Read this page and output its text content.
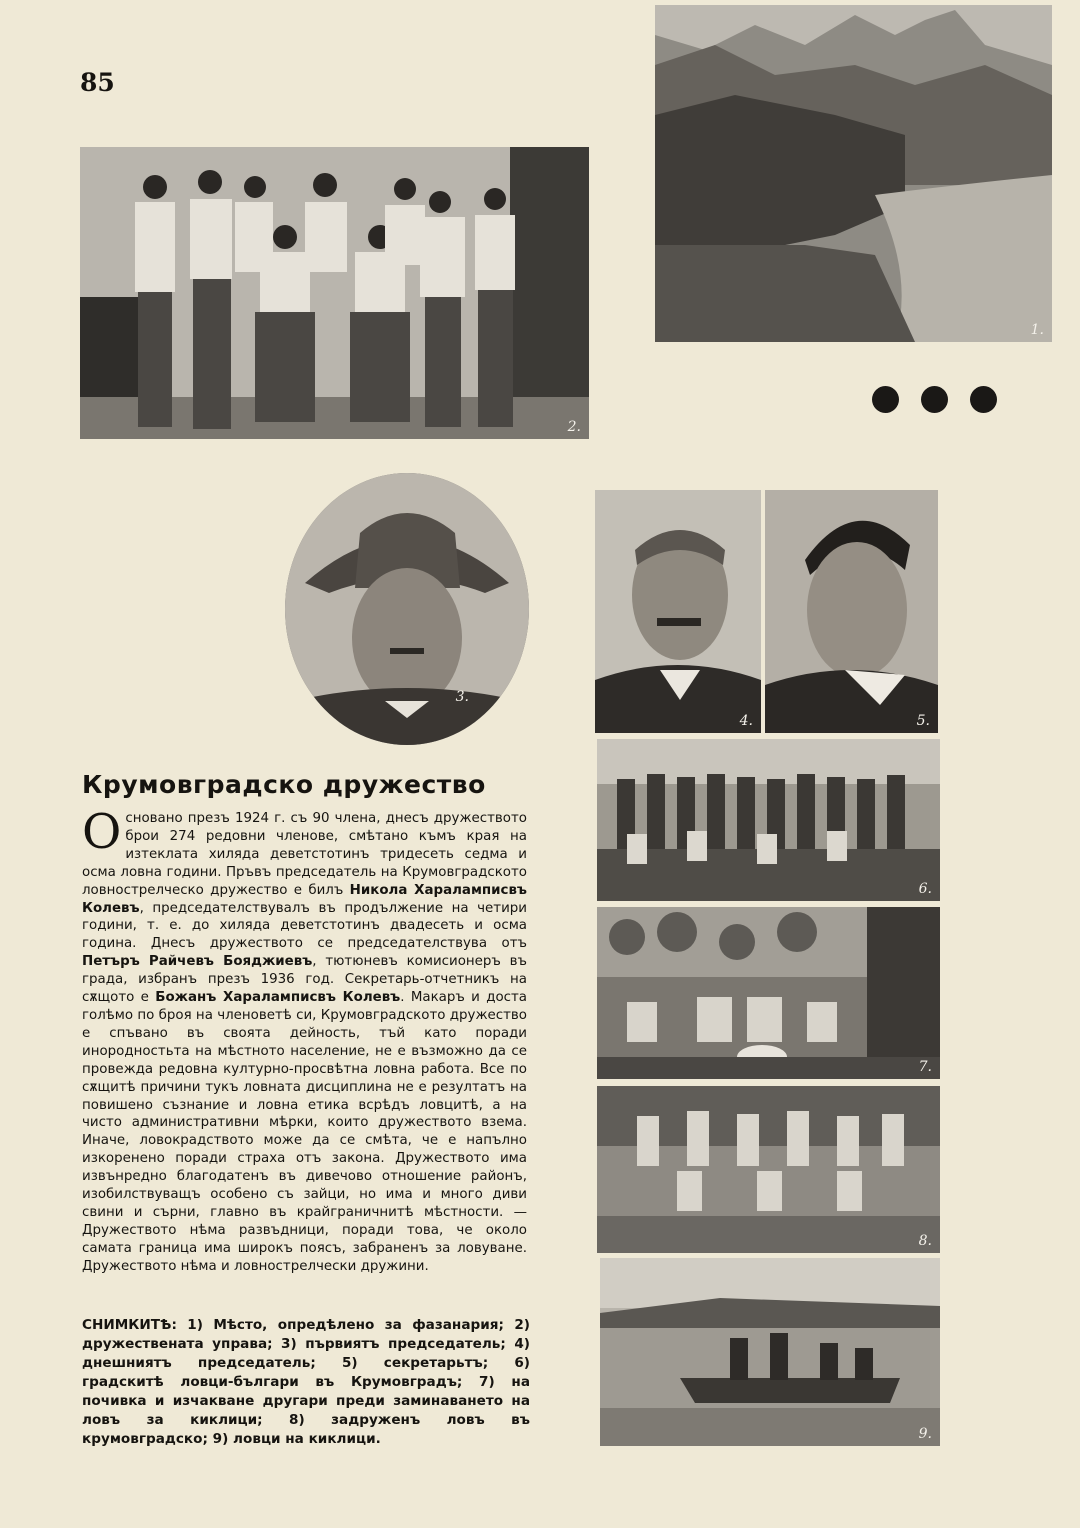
85
1.
2.
3.
4.	5.
6.
7.
8.
9.
Крумовградско дружество
Основано презъ 1924 г. съ 90 члена, днесъ дружеството брои 274 редовни членове, смѣтано къмъ края на изтеклата хиляда деветстотинъ тридесеть седма и осма ловна години. Пръвъ председатель на Крумовградското ловнострелческо дружество е билъ Никола Хараламписвъ Колевъ, председателствувалъ въ продължение на четири години, т. е. до хиляда деветстотинъ двадесеть и осма година. Днесъ дружеството се председателствува отъ Петъръ Райчевъ Бояджиевъ, тютюневъ комисионеръ въ града, избранъ презъ 1936 год. Секретарь-отчетникъ на сѫщото е Божанъ Хараламписвъ Колевъ. Макаръ и доста голѣмо по броя на членоветѣ си, Крумовградското дружество е спъвано въ своята дейность, тъй като поради инородностьта на мѣстното население, не е възможно да се провежда редовна културно-просвѣтна ловна работа. Все по сѫщитѣ причини тукъ ловната дисциплина не е резултатъ на повишено съзнание и ловна етика всрѣдъ ловцитѣ, а на чисто административни мѣрки, които дружеството взема. Иначе, ловокрадството може да се смѣта, че е напълно изкоренено поради страха отъ закона. Дружеството има извънредно благодатенъ въ дивечово отношение районъ, изобилствуващъ особено съ зайци, но има и много диви свини и сърни, главно въ крайграничнитѣ мѣстности. — Дружеството нѣма развъдници, поради това, че около самата граница има широкъ поясъ, забраненъ за ловуване. Дружеството нѣма и ловнострелчески дружини.
СНИМКИТѢ: 1) Мѣсто, опредѣлено за фазанария; 2) дружествената управа; 3) първиятъ председатель; 4) днешниятъ председатель; 5) секретарьтъ; 6) градскитѣ ловци-българи въ Крумовградъ; 7) на почивка и изчакване другари преди заминаването на ловъ за киклици; 8) задруженъ ловъ въ крумовградско; 9) ловци на киклици.
